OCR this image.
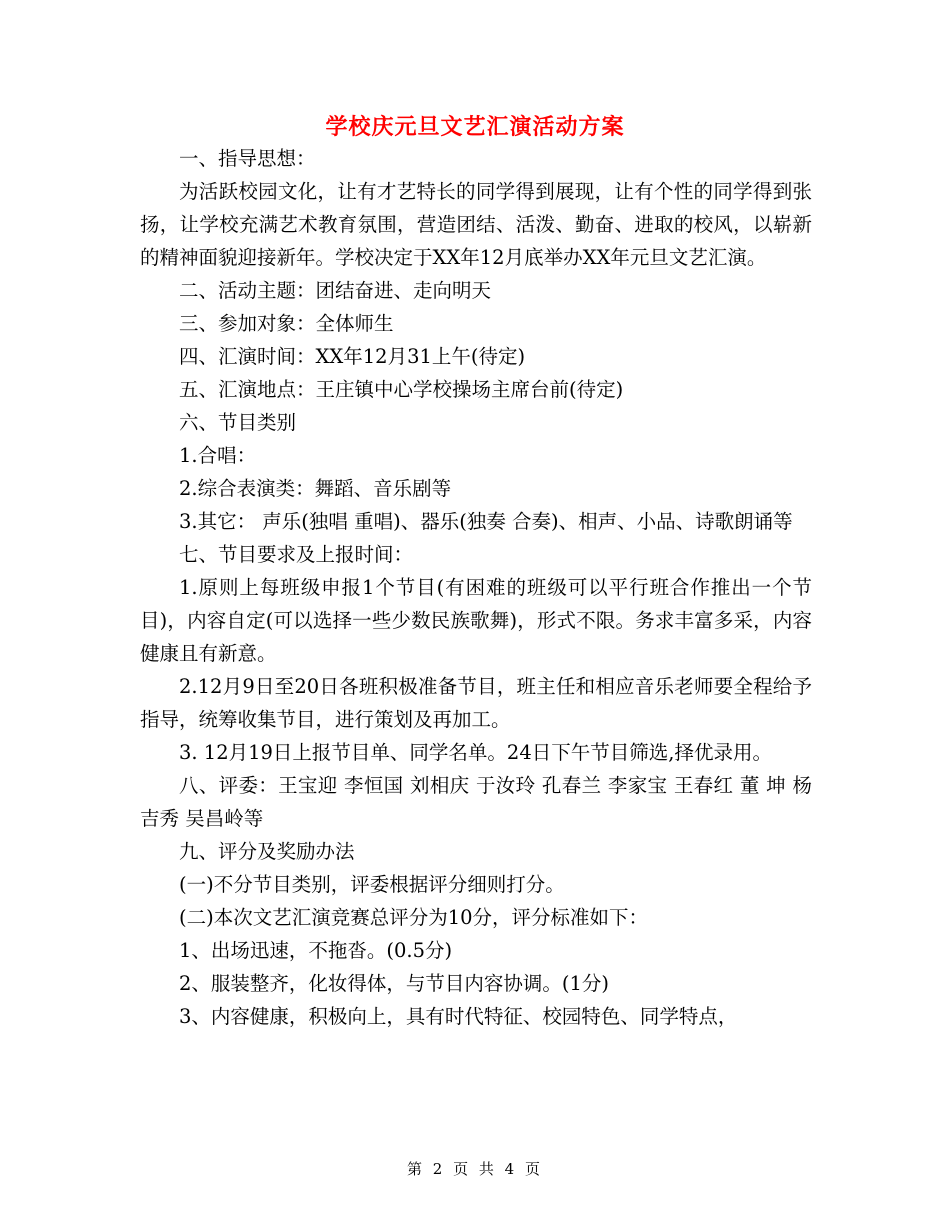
学校庆元旦文艺汇演活动方案

一、指导思想：

为活跃校园文化，让有才艺特长的同学得到展现，让有个性的同学得到张扬，让学校充满艺术教育氛围，营造团结、活泼、勤奋、进取的校风，以崭新的精神面貌迎接新年。学校决定于XX年12月底举办XX年元旦文艺汇演。

二、活动主题：团结奋进、走向明天

三、参加对象：全体师生

四、汇演时间：XX年12月31上午(待定)

五、汇演地点：王庄镇中心学校操场主席台前(待定)

六、节目类别

1.合唱：

2.综合表演类：舞蹈、音乐剧等

3.其它： 声乐(独唱 重唱)、器乐(独奏 合奏)、相声、小品、诗歌朗诵等

七、节目要求及上报时间：

1.原则上每班级申报1个节目(有困难的班级可以平行班合作推出一个节目)，内容自定(可以选择一些少数民族歌舞)，形式不限。务求丰富多采，内容健康且有新意。

2.12月9日至20日各班积极准备节目，班主任和相应音乐老师要全程给予指导，统筹收集节目，进行策划及再加工。

3. 12月19日上报节目单、同学名单。24日下午节目筛选,择优录用。

八、评委：王宝迎 李恒国 刘相庆 于汝玲 孔春兰 李家宝 王春红 董 坤 杨吉秀 吴昌岭等

九、评分及奖励办法

(一)不分节目类别，评委根据评分细则打分。

(二)本次文艺汇演竞赛总评分为10分，评分标准如下：

1、出场迅速，不拖沓。(0.5分)

2、服装整齐，化妆得体，与节目内容协调。(1分)

3、内容健康，积极向上，具有时代特征、校园特色、同学特点，

第 2 页 共 4 页
